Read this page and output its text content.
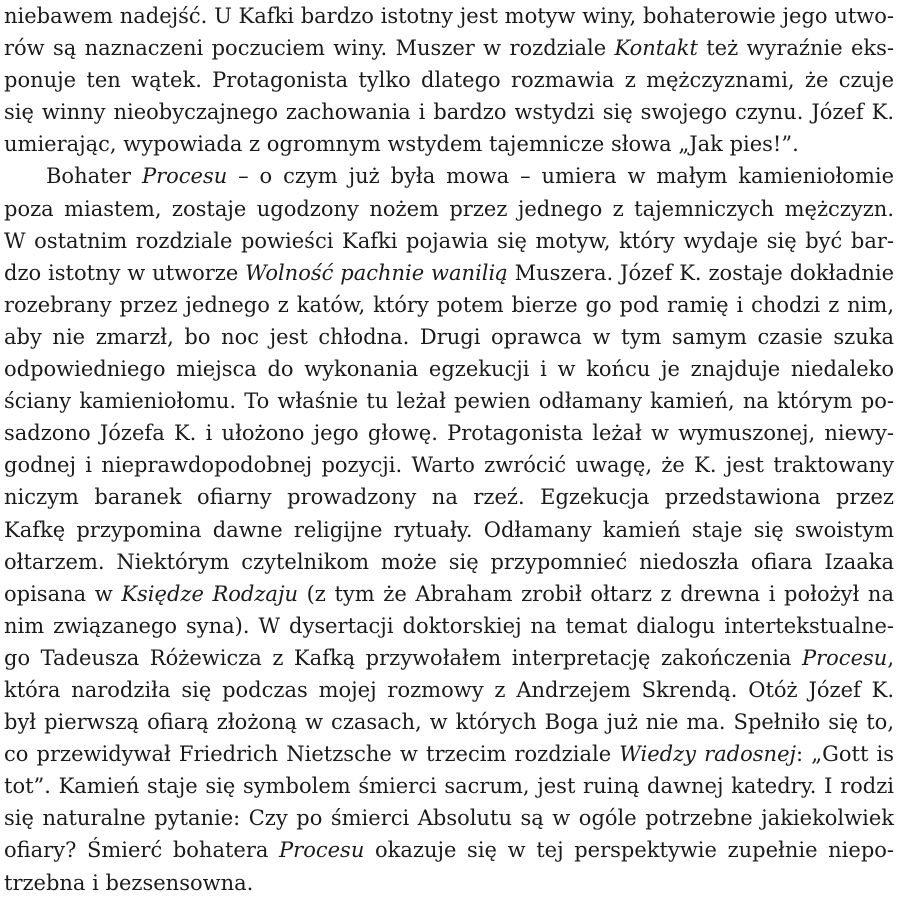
niebawem nadejść. U Kafki bardzo istotny jest motyw winy, bohaterowie jego utwo-
rów są naznaczeni poczuciem winy. Muszer w rozdziale Kontakt też wyraźnie eks-
ponuje ten wątek. Protagonista tylko dlatego rozmawia z mężczyznami, że czuje
się winny nieobyczajnego zachowania i bardzo wstydzi się swojego czynu. Józef K.
umierając, wypowiada z ogromnym wstydem tajemnicze słowa „Jak pies!”.
Bohater Procesu – o czym już była mowa – umiera w małym kamieniołomie
poza miastem, zostaje ugodzony nożem przez jednego z tajemniczych mężczyzn.
W ostatnim rozdziale powieści Kafki pojawia się motyw, który wydaje się być bar-
dzo istotny w utworze Wolność pachnie wanilią Muszera. Józef K. zostaje dokładnie
rozebrany przez jednego z katów, który potem bierze go pod ramię i chodzi z nim,
aby nie zmarzł, bo noc jest chłodna. Drugi oprawca w tym samym czasie szuka
odpowiedniego miejsca do wykonania egzekucji i w końcu je znajduje niedaleko
ściany kamieniołomu. To właśnie tu leżał pewien odłamany kamień, na którym po-
sadzono Józefa K. i ułożono jego głowę. Protagonista leżał w wymuszonej, niewy-
godnej i nieprawdopodobnej pozycji. Warto zwrócić uwagę, że K. jest traktowany
niczym baranek ofiarny prowadzony na rzeź. Egzekucja przedstawiona przez
Kafkę przypomina dawne religijne rytuały. Odłamany kamień staje się swoistym
ołtarzem. Niektórym czytelnikom może się przypomnieć niedoszła ofiara Izaaka
opisana w Księdze Rodzaju (z tym że Abraham zrobił ołtarz z drewna i położył na
nim związanego syna). W dysertacji doktorskiej na temat dialogu intertekstualne-
go Tadeusza Różewicza z Kafką przywołałem interpretację zakończenia Procesu,
która narodziła się podczas mojej rozmowy z Andrzejem Skrendą. Otóż Józef K.
był pierwszą ofiarą złożoną w czasach, w których Boga już nie ma. Spełniło się to,
co przewidywał Friedrich Nietzsche w trzecim rozdziale Wiedzy radosnej: „Gott is
tot”. Kamień staje się symbolem śmierci sacrum, jest ruiną dawnej katedry. I rodzi
się naturalne pytanie: Czy po śmierci Absolutu są w ogóle potrzebne jakiekolwiek
ofiary? Śmierć bohatera Procesu okazuje się w tej perspektywie zupełnie niepo-
trzebna i bezsensowna.
